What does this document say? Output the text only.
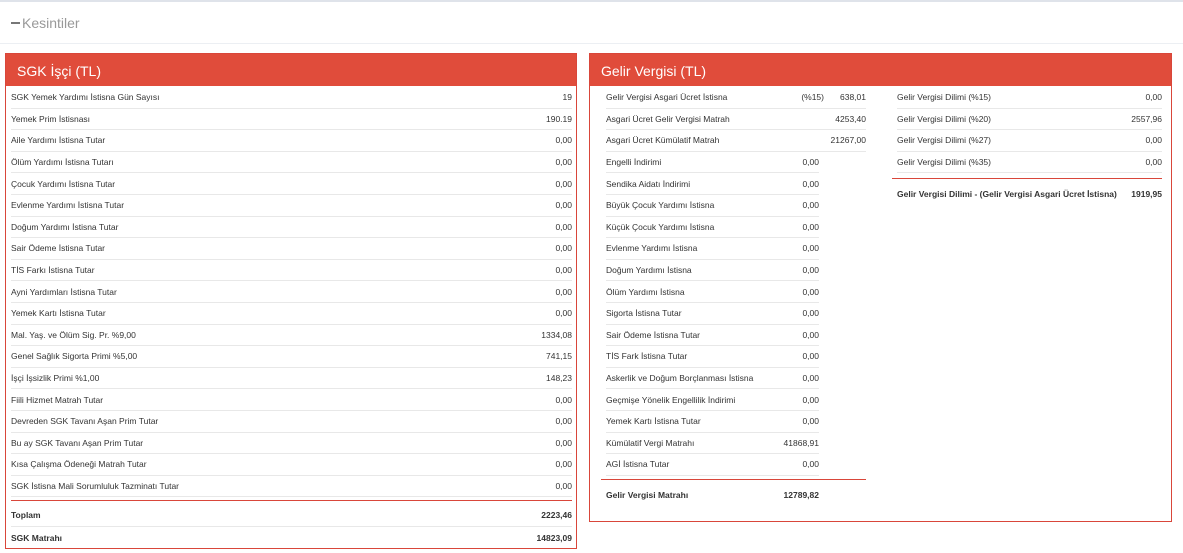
Kesintiler
SGK İşçi (TL)
SGK Yemek Yardımı İstisna Gün Sayısı	19
Yemek Prim İstisnası	190.19
Aile Yardımı İstisna Tutar	0,00
Ölüm Yardımı İstisna Tutarı	0,00
Çocuk Yardımı İstisna Tutar	0,00
Evlenme Yardımı İstisna Tutar	0,00
Doğum Yardımı İstisna Tutar	0,00
Sair Ödeme İstisna Tutar	0,00
TİS Farkı İstisna Tutar	0,00
Ayni Yardımları İstisna Tutar	0,00
Yemek Kartı İstisna Tutar	0,00
Mal. Yaş. ve Ölüm Sig. Pr. %9,00	1334,08
Genel Sağlık Sigorta Primi %5,00	741,15
İşçi İşsizlik Primi %1,00	148,23
Fiili Hizmet Matrah Tutar	0,00
Devreden SGK Tavanı Aşan Prim Tutar	0,00
Bu ay SGK Tavanı Aşan Prim Tutar	0,00
Kısa Çalışma Ödeneği Matrah Tutar	0,00
SGK İstisna Mali Sorumluluk Tazminatı Tutar	0,00
Toplam	2223,46
SGK Matrahı	14823,09
Gelir Vergisi (TL)
Gelir Vergisi Asgari Ücret İstisna	(%15) 638,01
Asgari Ücret Gelir Vergisi Matrah	4253,40
Asgari Ücret Kümülatif Matrah	21267,00
Engelli İndirimi	0,00
Sendika Aidatı İndirimi	0,00
Büyük Çocuk Yardımı İstisna	0,00
Küçük Çocuk Yardımı İstisna	0,00
Evlenme Yardımı İstisna	0,00
Doğum Yardımı İstisna	0,00
Ölüm Yardımı İstisna	0,00
Sigorta İstisna Tutar	0,00
Sair Ödeme İstisna Tutar	0,00
TİS Fark İstisna Tutar	0,00
Askerlik ve Doğum Borçlanması İstisna	0,00
Geçmişe Yönelik Engellilik İndirimi	0,00
Yemek Kartı İstisna Tutar	0,00
Kümülatif Vergi Matrahı	41868,91
AGİ İstisna Tutar	0,00
Gelir Vergisi Matrahı	12789,82
Gelir Vergisi Dilimi (%15)	0,00
Gelir Vergisi Dilimi (%20)	2557,96
Gelir Vergisi Dilimi (%27)	0,00
Gelir Vergisi Dilimi (%35)	0,00
Gelir Vergisi Dilimi - (Gelir Vergisi Asgari Ücret İstisna) 1919,95
